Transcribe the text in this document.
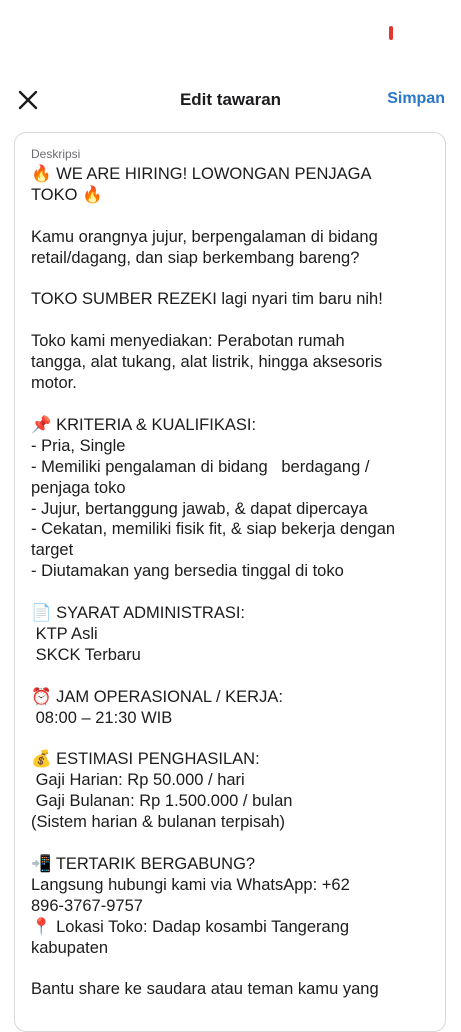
Edit tawaran	Simpan
Deskripsi
🔥 WE ARE HIRING! LOWONGAN PENJAGA
TOKO 🔥

Kamu orangnya jujur, berpengalaman di bidang
retail/dagang, dan siap berkembang bareng?

TOKO SUMBER REZEKI lagi nyari tim baru nih!

Toko kami menyediakan: Perabotan rumah
tangga, alat tukang, alat listrik, hingga aksesoris
motor.

📌 KRITERIA & KUALIFIKASI:
- Pria, Single
- Memiliki pengalaman di bidang   berdagang /
penjaga toko
- Jujur, bertanggung jawab, & dapat dipercaya
- Cekatan, memiliki fisik fit, & siap bekerja dengan
target
- Diutamakan yang bersedia tinggal di toko

📄 SYARAT ADMINISTRASI:
KTP Asli
SKCK Terbaru

⏰ JAM OPERASIONAL / KERJA:
08:00 – 21:30 WIB

💰 ESTIMASI PENGHASILAN:
Gaji Harian: Rp 50.000 / hari
Gaji Bulanan: Rp 1.500.000 / bulan
(Sistem harian & bulanan terpisah)

📲 TERTARIK BERGABUNG?
Langsung hubungi kami via WhatsApp: +62
896-3767-9757
📍 Lokasi Toko: Dadap kosambi Tangerang
kabupaten

Bantu share ke saudara atau teman kamu yang
